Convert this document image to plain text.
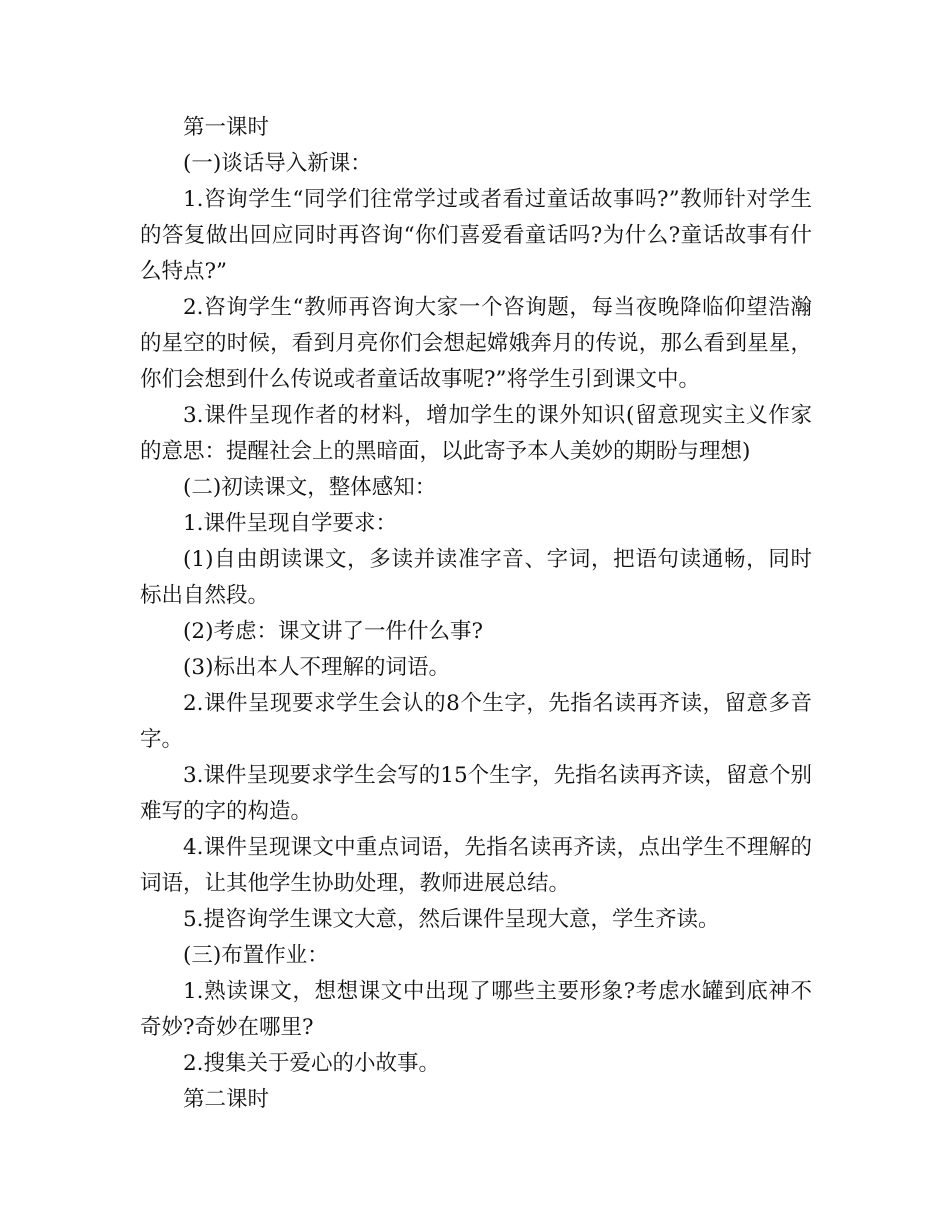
第一课时

(一)谈话导入新课：

1.咨询学生“同学们往常学过或者看过童话故事吗?”教师针对学生的答复做出回应同时再咨询“你们喜爱看童话吗?为什么?童话故事有什么特点?”

2.咨询学生“教师再咨询大家一个咨询题，每当夜晚降临仰望浩瀚的星空的时候，看到月亮你们会想起嫦娥奔月的传说，那么看到星星，你们会想到什么传说或者童话故事呢?”将学生引到课文中。

3.课件呈现作者的材料，增加学生的课外知识(留意现实主义作家的意思：提醒社会上的黑暗面，以此寄予本人美妙的期盼与理想)

(二)初读课文，整体感知：

1.课件呈现自学要求：

(1)自由朗读课文，多读并读准字音、字词，把语句读通畅，同时标出自然段。

(2)考虑：课文讲了一件什么事?

(3)标出本人不理解的词语。

2.课件呈现要求学生会认的8个生字，先指名读再齐读，留意多音字。

3.课件呈现要求学生会写的15个生字，先指名读再齐读，留意个别难写的字的构造。

4.课件呈现课文中重点词语，先指名读再齐读，点出学生不理解的词语，让其他学生协助处理，教师进展总结。

5.提咨询学生课文大意，然后课件呈现大意，学生齐读。

(三)布置作业：

1.熟读课文，想想课文中出现了哪些主要形象?考虑水罐到底神不奇妙?奇妙在哪里?

2.搜集关于爱心的小故事。

第二课时
